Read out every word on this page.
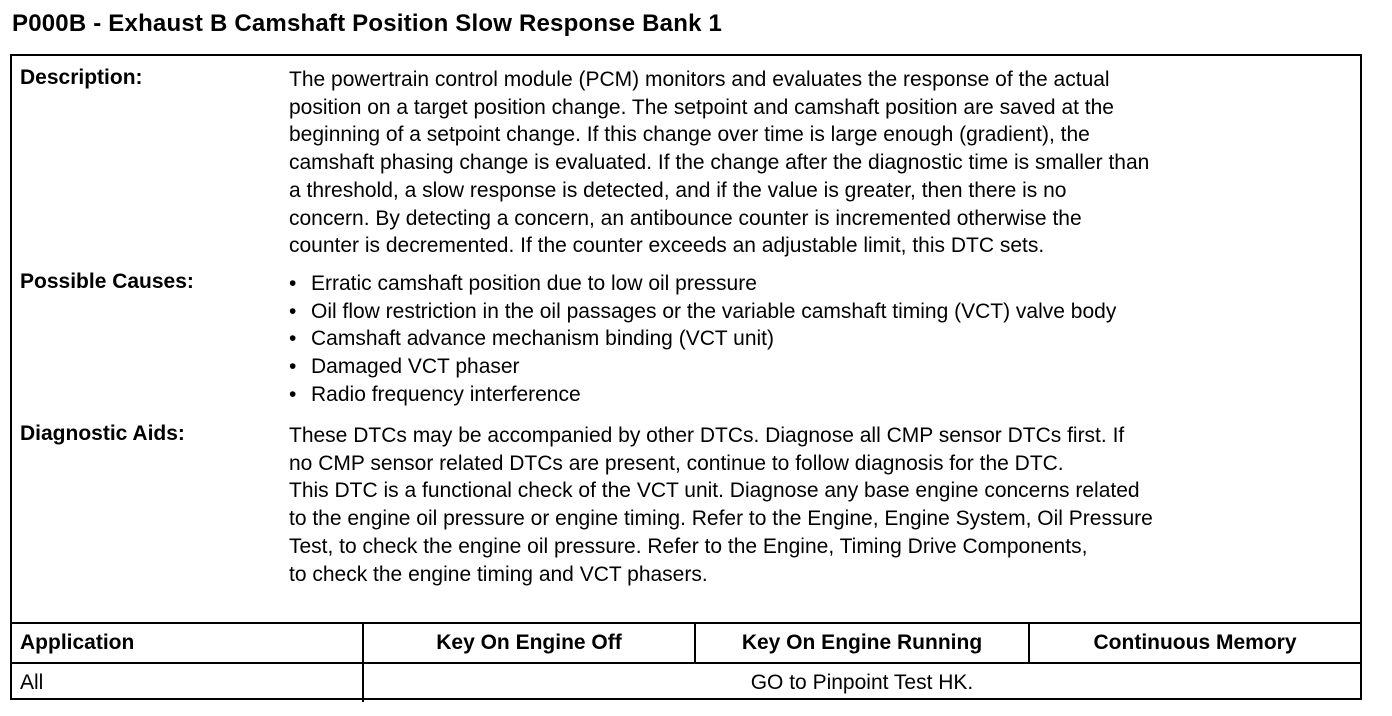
P000B - Exhaust B Camshaft Position Slow Response Bank 1
Description:	The powertrain control module (PCM) monitors and evaluates the response of the actual
position on a target position change. The setpoint and camshaft position are saved at the
beginning of a setpoint change. If this change over time is large enough (gradient), the
camshaft phasing change is evaluated. If the change after the diagnostic time is smaller than
a threshold, a slow response is detected, and if the value is greater, then there is no
concern. By detecting a concern, an antibounce counter is incremented otherwise the
counter is decremented. If the counter exceeds an adjustable limit, this DTC sets.
Possible Causes:	• Erratic camshaft position due to low oil pressure
• Oil flow restriction in the oil passages or the variable camshaft timing (VCT) valve body
• Camshaft advance mechanism binding (VCT unit)
• Damaged VCT phaser
• Radio frequency interference
Diagnostic Aids:	These DTCs may be accompanied by other DTCs. Diagnose all CMP sensor DTCs first. If
no CMP sensor related DTCs are present, continue to follow diagnosis for the DTC.
This DTC is a functional check of the VCT unit. Diagnose any base engine concerns related
to the engine oil pressure or engine timing. Refer to the Engine, Engine System, Oil Pressure
Test, to check the engine oil pressure. Refer to the Engine, Timing Drive Components,
to check the engine timing and VCT phasers.
Application	Key On Engine Off	Key On Engine Running	Continuous Memory
All	GO to Pinpoint Test HK.
